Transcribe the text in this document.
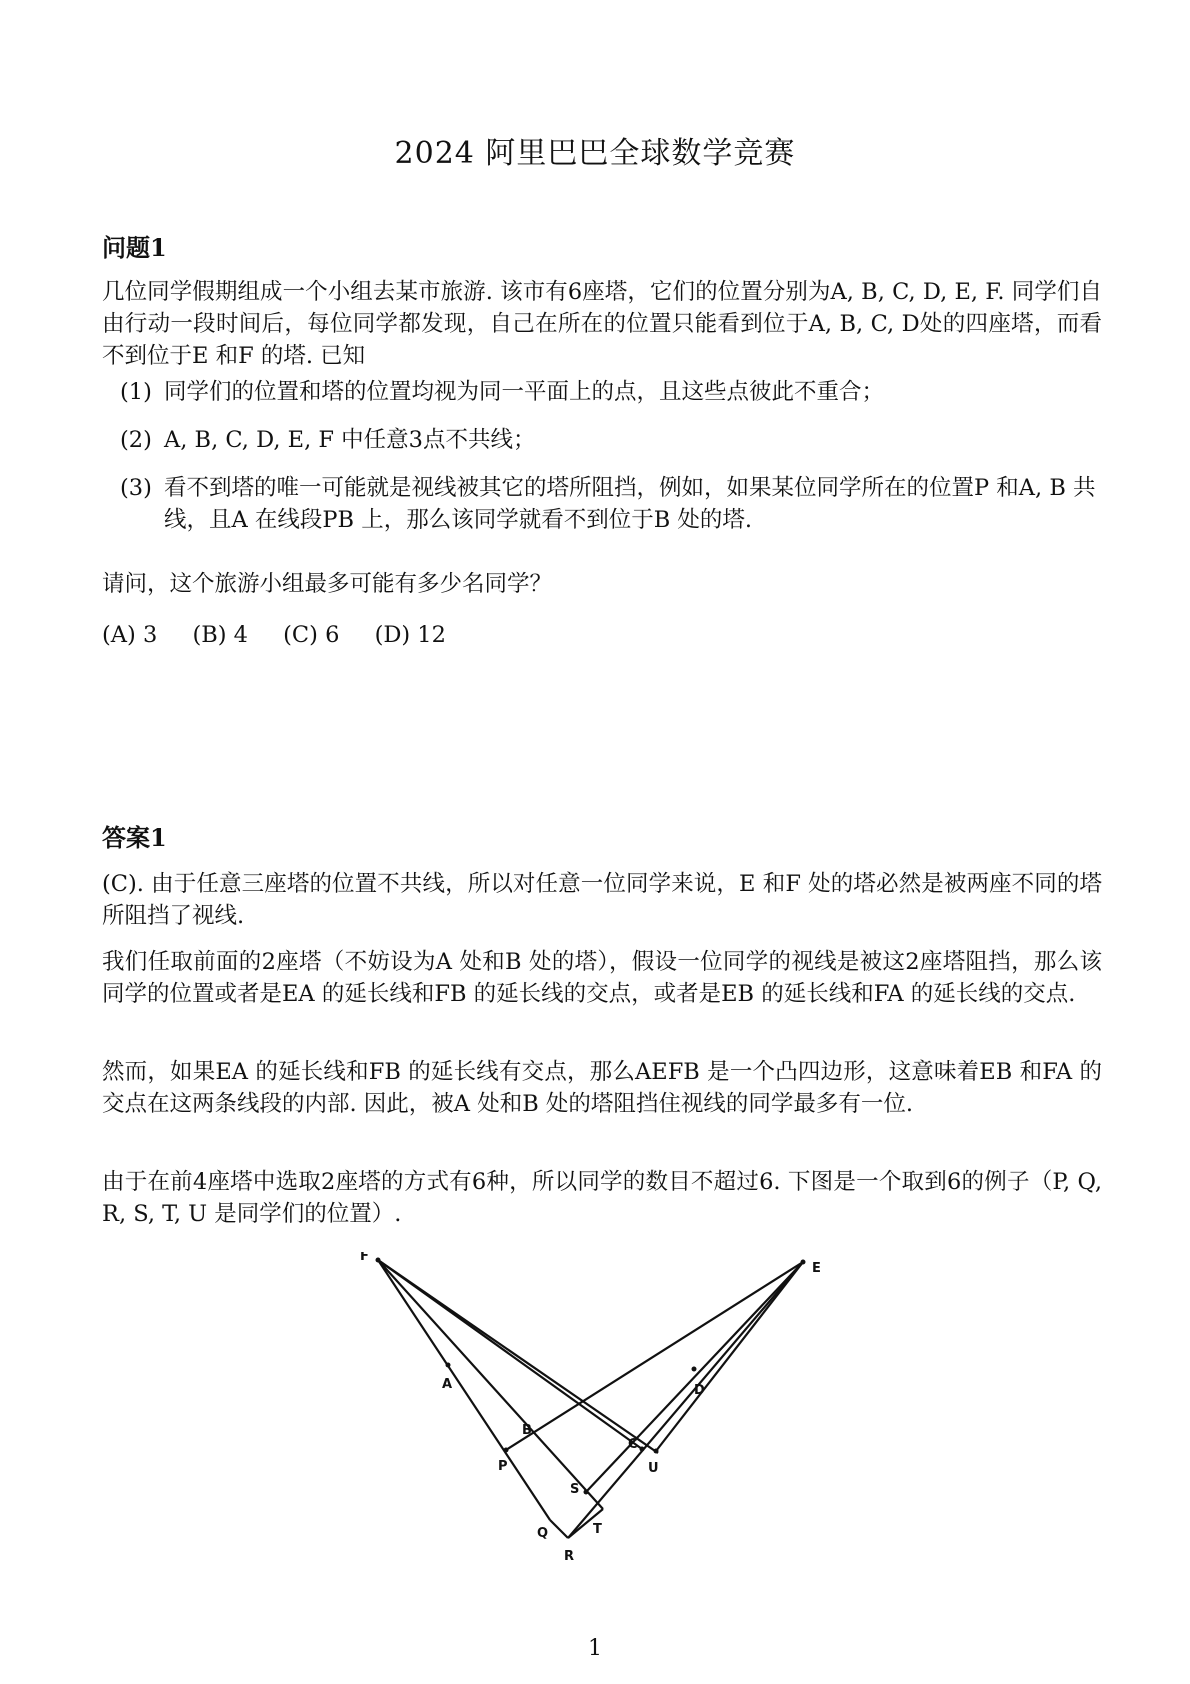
2024 阿里巴巴全球数学竞赛
问题1
几位同学假期组成一个小组去某市旅游. 该市有6座塔，它们的位置分别为A, B, C, D, E, F. 同学们自由行动一段时间后，每位同学都发现，自己在所在的位置只能看到位于A, B, C, D处的四座塔，而看不到位于E 和F 的塔. 已知
(1) 同学们的位置和塔的位置均视为同一平面上的点，且这些点彼此不重合；
(2) A, B, C, D, E, F 中任意3点不共线；
(3) 看不到塔的唯一可能就是视线被其它的塔所阻挡，例如，如果某位同学所在的位置P 和A, B 共线，且A 在线段PB 上，那么该同学就看不到位于B 处的塔.
请问，这个旅游小组最多可能有多少名同学？
(A) 3 (B) 4 (C) 6 (D) 12
答案1
(C). 由于任意三座塔的位置不共线，所以对任意一位同学来说，E 和F 处的塔必然是被两座不同的塔所阻挡了视线.
我们任取前面的2座塔（不妨设为A 处和B 处的塔），假设一位同学的视线是被这2座塔阻挡，那么该同学的位置或者是EA 的延长线和FB 的延长线的交点，或者是EB 的延长线和FA 的延长线的交点.
然而，如果EA 的延长线和FB 的延长线有交点，那么AEFB 是一个凸四边形，这意味着EB 和FA 的交点在这两条线段的内部. 因此，被A 处和B 处的塔阻挡住视线的同学最多有一位.
由于在前4座塔中选取2座塔的方式有6种，所以同学的数目不超过6. 下图是一个取到6的例子（P, Q, R, S, T, U 是同学们的位置）.
F
E
A	D
B
P
C
U
S
Q	T
R
1
